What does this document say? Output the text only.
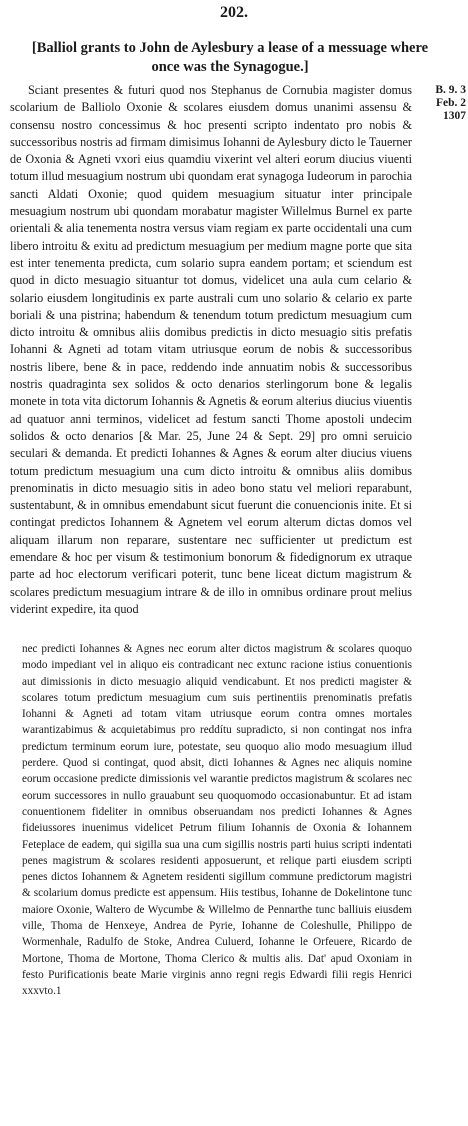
202.
[Balliol grants to John de Aylesbury a lease of a messuage where once was the Synagogue.]
B. 9. 3
Feb. 2
1307

Sciant presentes & futuri quod nos Stephanus de Cornubia magister domus scolarium de Balliolo Oxonie & scolares eiusdem domus unanimi assensu & consensu nostro concessimus & hoc presenti scripto indentato pro nobis & successoribus nostris ad firmam dimisimus Iohanni de Aylesbury dicto le Tauerner de Oxonia & Agneti vxori eius quamdiu vixerint vel alteri eorum diucius viuenti totum illud mesuagium nostrum ubi quondam erat synagoga Iudeorum in parochia sancti Aldati Oxonie; quod quidem mesuagium situatur inter principale mesuagium nostrum ubi quondam morabatur magister Willelmus Burnel ex parte orientali & alia tenementa nostra versus viam regiam ex parte occidentali una cum libero introitu & exitu ad predictum mesuagium per medium magne porte que sita est inter tenementa predicta, cum solario supra eandem portam; et sciendum est quod in dicto mesuagio situantur tot domus, videlicet una aula cum celario & solario eiusdem longitudinis ex parte australi cum uno solario & celario ex parte boriali & una pistrina; habendum & tenendum totum predictum mesuagium cum dicto introitu & omnibus aliis domibus predictis in dicto mesuagio sitis prefatis Iohanni & Agneti ad totam vitam utriusque eorum de nobis & successoribus nostris libere, bene & in pace, reddendo inde annuatim nobis & successoribus nostris quadraginta sex solidos & octo denarios sterlingorum bone & legalis monete in tota vita dictorum Iohannis & Agnetis & eorum alterius diucius viuentis ad quatuor anni terminos, videlicet ad festum sancti Thome apostoli undecim solidos & octo denarios [& Mar. 25, June 24 & Sept. 29] pro omni seruicio seculari & demanda. Et predicti Iohannes & Agnes & eorum alter diucius viuens totum predictum mesuagium una cum dicto introitu & omnibus aliis domibus prenominatis in dicto mesuagio sitis in adeo bono statu vel meliori reparabunt, sustentabunt, & in omnibus emendabunt sicut fuerunt die conuencionis inite. Et si contingat predictos Iohannem & Agnetem vel eorum alterum dictas domos vel aliquam illarum non reparare, sustentare nec sufficienter ut predictum est emendare & hoc per visum & testimonium bonorum & fidedignorum ex utraque parte ad hoc electorum verificari poterit, tunc bene liceat dictum magistrum & scolares predictum mesuagium intrare & de illo in omnibus ordinare prout melius viderint expedire, ita quod

nec predicti Iohannes & Agnes nec eorum alter dictos magistrum & scolares quoquo modo impediant vel in aliquo eis contradicant nec extunc racione istius conuentionis aut dimissionis in dicto mesuagio aliquid vendicabunt. Et nos predicti magister & scolares totum predictum mesuagium cum suis pertinentiis prenominatis prefatis Iohanni & Agneti ad totam vitam utriusque eorum contra omnes mortales warantizabimus & acquietabimus pro reddítu supradicto, si non contingat nos infra predictum terminum eorum iure, potestate, seu quoquo alio modo mesuagium illud perdere. Quod si contingat, quod absit, dicti Iohannes & Agnes nec aliquis nomine eorum occasione predicte dimissionis vel warantie predictos magistrum & scolares nec eorum successores in nullo grauabunt seu quoquomodo occasionabuntur. Et ad istam conuentionem fideliter in omnibus obseruandam nos predicti Iohannes & Agnes fideiussores inuenimus videlicet Petrum filium Iohannis de Oxonia & Iohannem Feteplace de eadem, qui sigilla sua una cum sigillis nostris parti huius scripti indentati penes magistrum & scolares residenti apposuerunt, et relique parti eiusdem scripti penes dictos Iohannem & Agnetem residenti sigillum commune predictorum magistri & scolarium domus predicte est appensum. Hiis testibus, Iohanne de Dokelintone tunc maiore Oxonie, Waltero de Wycumbe & Willelmo de Pennarthe tunc balliuis eiusdem ville, Thoma de Henxeye, Andrea de Pyrie, Iohanne de Coleshulle, Philippo de Wormenhale, Radulfo de Stoke, Andrea Culuerd, Iohanne le Orfeuere, Ricardo de Mortone, Thoma de Mortone, Thoma Clerico & multis alis. Dat' apud Oxoniam in festo Purificationis beate Marie virginis anno regni regis Edwardi filii regis Henrici xxxvto.1
